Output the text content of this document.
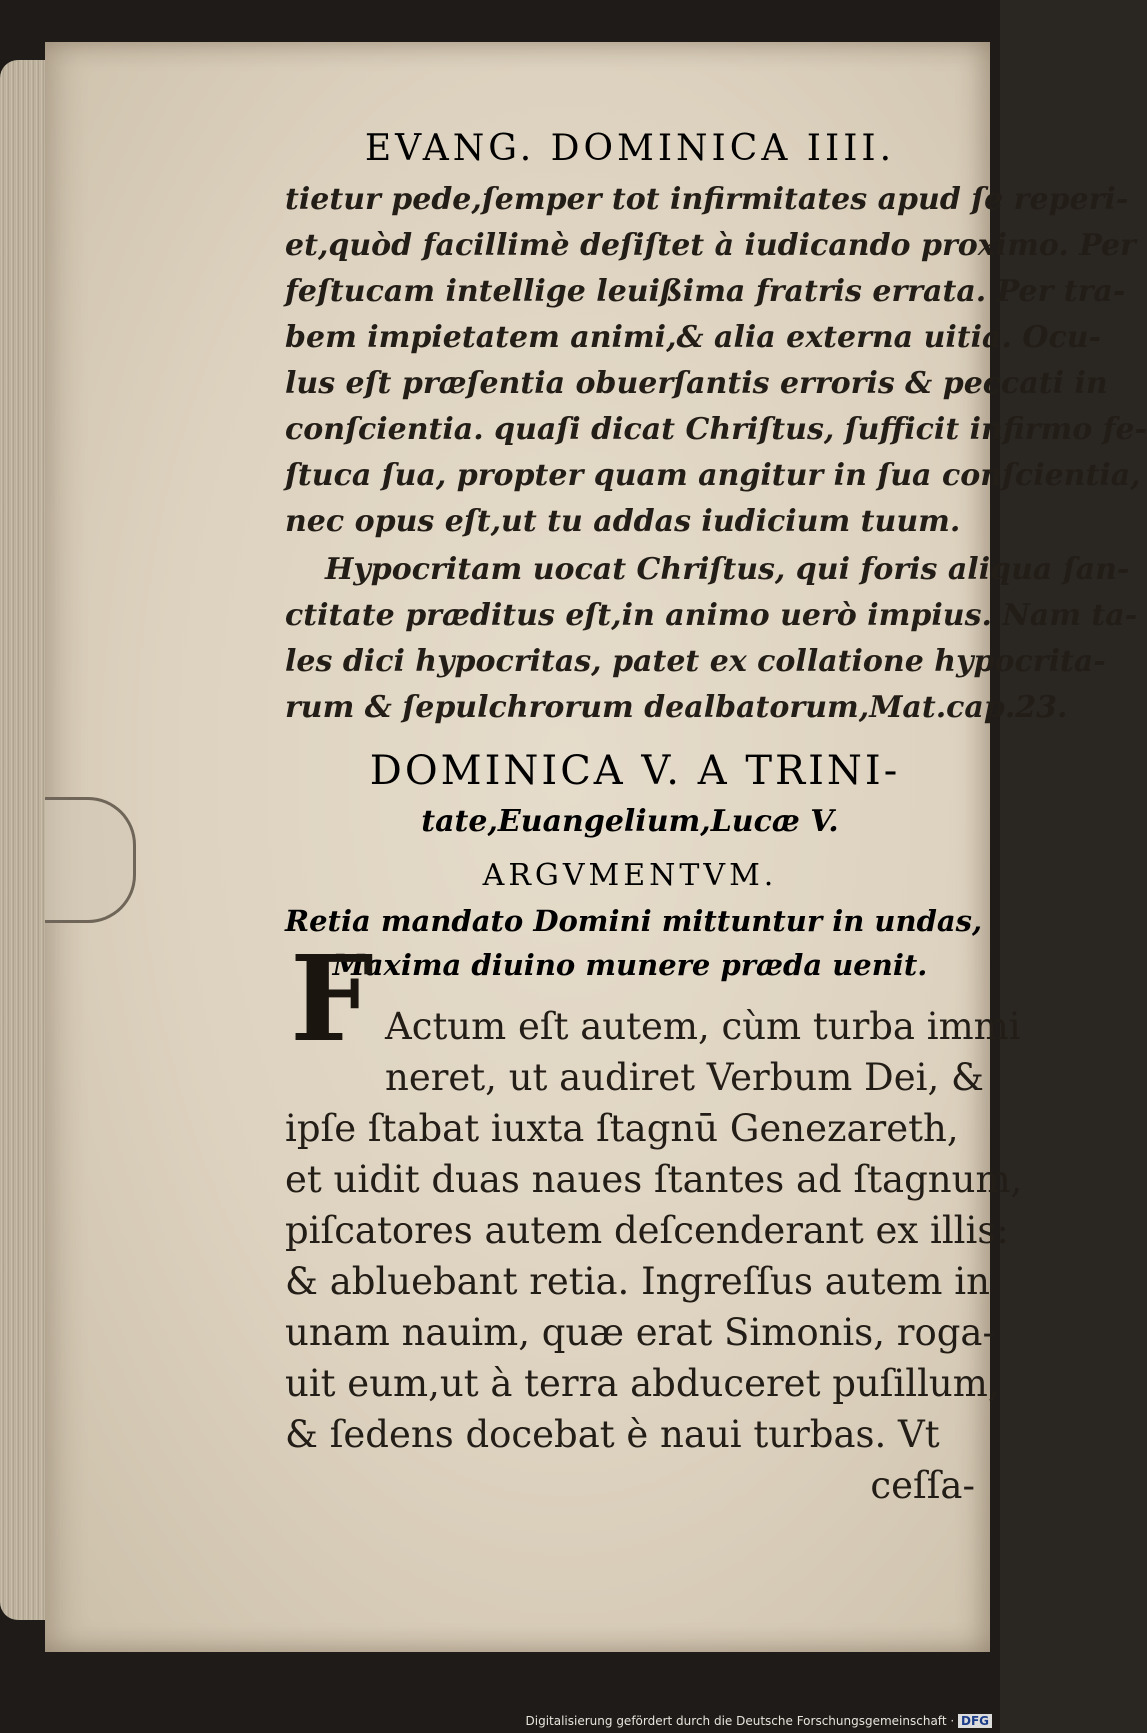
EVANG. DOMINICA IIII.
tietur pede,ſemper tot infirmitates apud ſe reperi-
et,quòd facillimè deſiſtet à iudicando proximo. Per
feſtucam intellige leuißima fratris errata. Per tra-
bem impietatem animi,& alia externa uitia. Ocu-
lus eſt præſentia obuerſantis erroris & peccati in
conſcientia. quaſi dicat Chriſtus, ſufficit infirmo fe-
ſtuca ſua, propter quam angitur in ſua conſcientia,
nec opus eſt,ut tu addas iudicium tuum.
Hypocritam uocat Chriſtus, qui foris aliqua ſan-
ctitate præditus eſt,in animo uerò impius. Nam ta-
les dici hypocritas, patet ex collatione hypocrita-
rum & ſepulchrorum dealbatorum,Mat.cap.23.
DOMINICA V. A TRINI-
tate,Euangelium,Lucæ V.
ARGVMENTVM.
Retia mandato Domini mittuntur in undas,
Maxima diuino munere præda uenit.
F Actum eſt autem, cùm turba immi
neret, ut audiret Verbum Dei, &
ipſe ſtabat iuxta ſtagnū Genezareth,
et uidit duas naues ſtantes ad ſtagnum,
piſcatores autem deſcenderant ex illis:
& abluebant retia. Ingreſſus autem in
unam nauim, quæ erat Simonis, roga-
uit eum,ut à terra abduceret puſillum,
& ſedens docebat è naui turbas. Vt
ceſſa-
Digitalisierung gefördert durch die Deutsche Forschungsgemeinschaft · DFG
